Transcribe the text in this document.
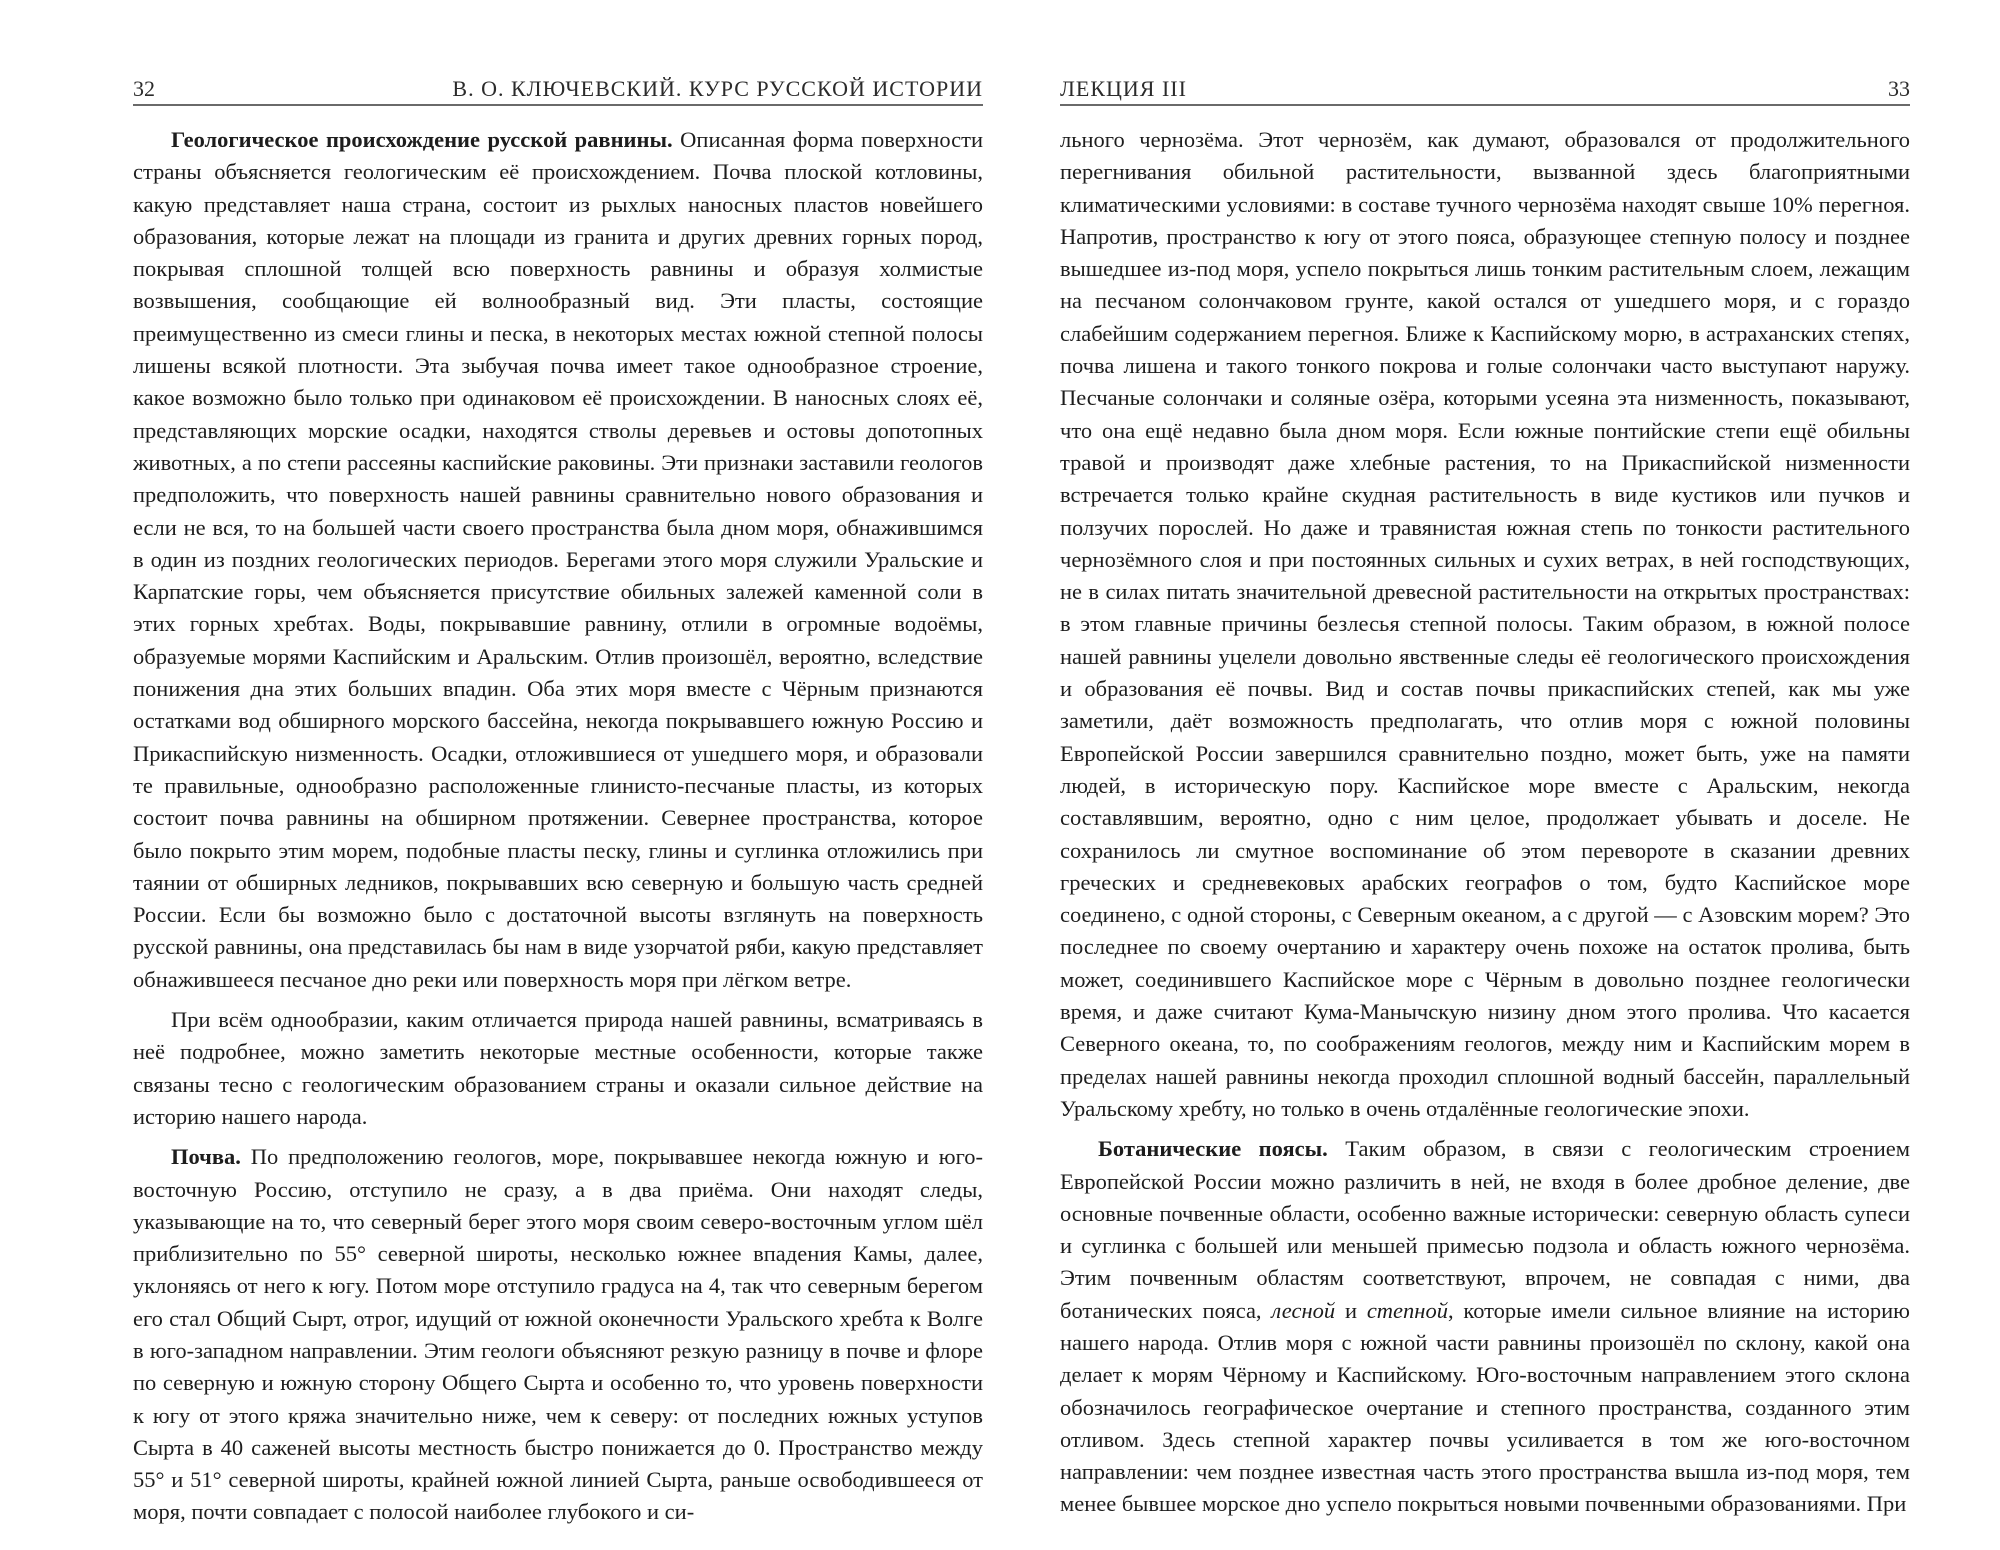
32	В. О. КЛЮЧЕВСКИЙ. КУРС РУССКОЙ ИСТОРИИ

Геологическое происхождение русской равнины. Описанная форма поверхности страны объясняется геологическим её происхождением. Почва плоской котловины, какую представляет наша страна, состоит из рыхлых наносных пластов новейшего образования, которые лежат на площади из гранита и других древних горных пород, покрывая сплошной толщей всю поверхность равнины и образуя холмистые возвышения, сообщающие ей волнообразный вид. Эти пласты, состоящие преимущественно из смеси глины и песка, в некоторых местах южной степной полосы лишены всякой плотности. Эта зыбучая почва имеет такое однообразное строение, какое возможно было только при одинаковом её происхождении. В наносных слоях её, представляющих морские осадки, находятся стволы деревьев и остовы допотопных животных, а по степи рассеяны каспийские раковины. Эти признаки заставили геологов предположить, что поверхность нашей равнины сравнительно нового образования и если не вся, то на большей части своего пространства была дном моря, обнажившимся в один из поздних геологических периодов. Берегами этого моря служили Уральские и Карпатские горы, чем объясняется присутствие обильных залежей каменной соли в этих горных хребтах. Воды, покрывавшие равнину, отлили в огромные водоёмы, образуемые морями Каспийским и Аральским. Отлив произошёл, вероятно, вследствие понижения дна этих больших впадин. Оба этих моря вместе с Чёрным признаются остатками вод обширного морского бассейна, некогда покрывавшего южную Россию и Прикаспийскую низменность. Осадки, отложившиеся от ушедшего моря, и образовали те правильные, однообразно расположенные глинисто-песчаные пласты, из которых состоит почва равнины на обширном протяжении. Севернее пространства, которое было покрыто этим морем, подобные пласты песку, глины и суглинка отложились при таянии от обширных ледников, покрывавших всю северную и большую часть средней России. Если бы возможно было с достаточной высоты взглянуть на поверхность русской равнины, она представилась бы нам в виде узорчатой ряби, какую представляет обнажившееся песчаное дно реки или поверхность моря при лёгком ветре.

При всём однообразии, каким отличается природа нашей равнины, всматриваясь в неё подробнее, можно заметить некоторые местные особенности, которые также связаны тесно с геологическим образованием страны и оказали сильное действие на историю нашего народа.

Почва. По предположению геологов, море, покрывавшее некогда южную и юго-восточную Россию, отступило не сразу, а в два приёма. Они находят следы, указывающие на то, что северный берег этого моря своим северо-восточным углом шёл приблизительно по 55° северной широты, несколько южнее впадения Камы, далее, уклоняясь от него к югу. Потом море отступило градуса на 4, так что северным берегом его стал Общий Сырт, отрог, идущий от южной оконечности Уральского хребта к Волге в юго-западном направлении. Этим геологи объясняют резкую разницу в почве и флоре по северную и южную сторону Общего Сырта и особенно то, что уровень поверхности к югу от этого кряжа значительно ниже, чем к северу: от последних южных уступов Сырта в 40 саженей высоты местность быстро понижается до 0. Пространство между 55° и 51° северной широты, крайней южной линией Сырта, раньше освободившееся от моря, почти совпадает с полосой наиболее глубокого и си-

ЛЕКЦИЯ III	33

льного чернозёма. Этот чернозём, как думают, образовался от продолжительного перегнивания обильной растительности, вызванной здесь благоприятными климатическими условиями: в составе тучного чернозёма находят свыше 10% перегноя. Напротив, пространство к югу от этого пояса, образующее степную полосу и позднее вышедшее из-под моря, успело покрыться лишь тонким растительным слоем, лежащим на песчаном солончаковом грунте, какой остался от ушедшего моря, и с гораздо слабейшим содержанием перегноя. Ближе к Каспийскому морю, в астраханских степях, почва лишена и такого тонкого покрова и голые солончаки часто выступают наружу. Песчаные солончаки и соляные озёра, которыми усеяна эта низменность, показывают, что она ещё недавно была дном моря. Если южные понтийские степи ещё обильны травой и производят даже хлебные растения, то на Прикаспийской низменности встречается только крайне скудная растительность в виде кустиков или пучков и ползучих порослей. Но даже и травянистая южная степь по тонкости растительного чернозёмного слоя и при постоянных сильных и сухих ветрах, в ней господствующих, не в силах питать значительной древесной растительности на открытых пространствах: в этом главные причины безлесья степной полосы. Таким образом, в южной полосе нашей равнины уцелели довольно явственные следы её геологического происхождения и образования её почвы. Вид и состав почвы прикаспийских степей, как мы уже заметили, даёт возможность предполагать, что отлив моря с южной половины Европейской России завершился сравнительно поздно, может быть, уже на памяти людей, в историческую пору. Каспийское море вместе с Аральским, некогда составлявшим, вероятно, одно с ним целое, продолжает убывать и доселе. Не сохранилось ли смутное воспоминание об этом перевороте в сказании древних греческих и средневековых арабских географов о том, будто Каспийское море соединено, с одной стороны, с Северным океаном, а с другой — с Азовским морем? Это последнее по своему очертанию и характеру очень похоже на остаток пролива, быть может, соединившего Каспийское море с Чёрным в довольно позднее геологически время, и даже считают Кума-Манычскую низину дном этого пролива. Что касается Северного океана, то, по соображениям геологов, между ним и Каспийским морем в пределах нашей равнины некогда проходил сплошной водный бассейн, параллельный Уральскому хребту, но только в очень отдалённые геологические эпохи.

Ботанические поясы. Таким образом, в связи с геологическим строением Европейской России можно различить в ней, не входя в более дробное деление, две основные почвенные области, особенно важные исторически: северную область супеси и суглинка с большей или меньшей примесью подзола и область южного чернозёма. Этим почвенным областям соответствуют, впрочем, не совпадая с ними, два ботанических пояса, лесной и степной, которые имели сильное влияние на историю нашего народа. Отлив моря с южной части равнины произошёл по склону, какой она делает к морям Чёрному и Каспийскому. Юго-восточным направлением этого склона обозначилось географическое очертание и степного пространства, созданного этим отливом. Здесь степной характер почвы усиливается в том же юго-восточном направлении: чем позднее известная часть этого пространства вышла из-под моря, тем менее бывшее морское дно успело покрыться новыми почвенными образованиями. При
